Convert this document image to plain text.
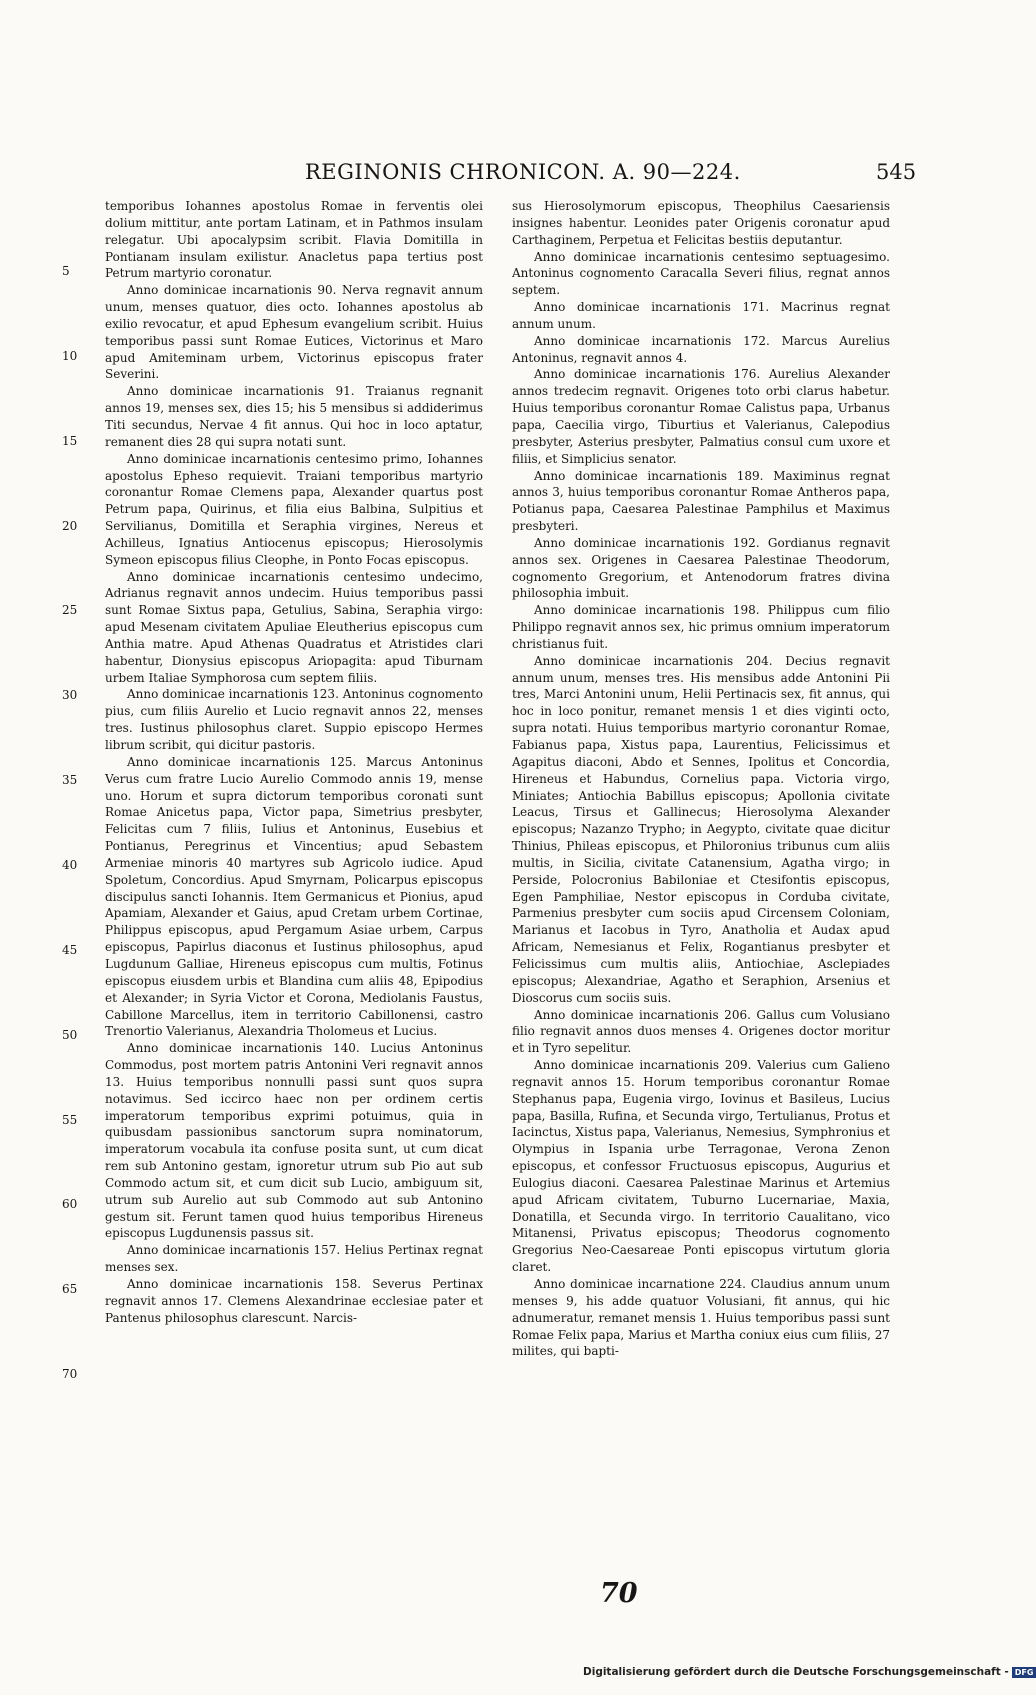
REGINONIS CHRONICON. A. 90—224.	545
5
10
15
20
25
30
35
40
45
50
55
60
65
70

temporibus Iohannes apostolus Romae in ferventis olei dolium mittitur, ante portam Latinam, et in Pathmos insulam relegatur. Ubi apocalypsim scribit. Flavia Domitilla in Pontianam insulam exilistur. Anacletus papa tertius post Petrum martyrio coronatur.

Anno dominicae incarnationis 90. Nerva regnavit annum unum, menses quatuor, dies octo. Iohannes apostolus ab exilio revocatur, et apud Ephesum evangelium scribit. Huius temporibus passi sunt Romae Eutices, Victorinus et Maro apud Amiteminam urbem, Victorinus episcopus frater Severini.

Anno dominicae incarnationis 91. Traianus regnanit annos 19, menses sex, dies 15; his 5 mensibus si addiderimus Titi secundus, Nervae 4 fit annus. Qui hoc in loco aptatur, remanent dies 28 qui supra notati sunt.

Anno dominicae incarnationis centesimo primo, Iohannes apostolus Epheso requievit. Traiani temporibus martyrio coronantur Romae Clemens papa, Alexander quartus post Petrum papa, Quirinus, et filia eius Balbina, Sulpitius et Servilianus, Domitilla et Seraphia virgines, Nereus et Achilleus, Ignatius Antiocenus episcopus; Hierosolymis Symeon episcopus filius Cleophe, in Ponto Focas episcopus.

Anno dominicae incarnationis centesimo undecimo, Adrianus regnavit annos undecim. Huius temporibus passi sunt Romae Sixtus papa, Getulius, Sabina, Seraphia virgo: apud Mesenam civitatem Apuliae Eleutherius episcopus cum Anthia matre. Apud Athenas Quadratus et Atristides clari habentur, Dionysius episcopus Ariopagita: apud Tiburnam urbem Italiae Symphorosa cum septem filiis.

Anno dominicae incarnationis 123. Antoninus cognomento pius, cum filiis Aurelio et Lucio regnavit annos 22, menses tres. Iustinus philosophus claret. Suppio episcopo Hermes librum scribit, qui dicitur pastoris.

Anno dominicae incarnationis 125. Marcus Antoninus Verus cum fratre Lucio Aurelio Commodo annis 19, mense uno. Horum et supra dictorum temporibus coronati sunt Romae Anicetus papa, Victor papa, Simetrius presbyter, Felicitas cum 7 filiis, Iulius et Antoninus, Eusebius et Pontianus, Peregrinus et Vincentius; apud Sebastem Armeniae minoris 40 martyres sub Agricolo iudice. Apud Spoletum, Concordius. Apud Smyrnam, Policarpus episcopus discipulus sancti Iohannis. Item Germanicus et Pionius, apud Apamiam, Alexander et Gaius, apud Cretam urbem Cortinae, Philippus episcopus, apud Pergamum Asiae urbem, Carpus episcopus, Papirlus diaconus et Iustinus philosophus, apud Lugdunum Galliae, Hireneus episcopus cum multis, Fotinus episcopus eiusdem urbis et Blandina cum aliis 48, Epipodius et Alexander; in Syria Victor et Corona, Mediolanis Faustus, Cabillone Marcellus, item in territorio Cabillonensi, castro Trenortio Valerianus, Alexandria Tholomeus et Lucius.

Anno dominicae incarnationis 140. Lucius Antoninus Commodus, post mortem patris Antonini Veri regnavit annos 13. Huius temporibus nonnulli passi sunt quos supra notavimus. Sed iccirco haec non per ordinem certis imperatorum temporibus exprimi potuimus, quia in quibusdam passionibus sanctorum supra nominatorum, imperatorum vocabula ita confuse posita sunt, ut cum dicat rem sub Antonino gestam, ignoretur utrum sub Pio aut sub Commodo actum sit, et cum dicit sub Lucio, ambiguum sit, utrum sub Aurelio aut sub Commodo aut sub Antonino gestum sit. Ferunt tamen quod huius temporibus Hireneus episcopus Lugdunensis passus sit.

Anno dominicae incarnationis 157. Helius Pertinax regnat menses sex.

Anno dominicae incarnationis 158. Severus Pertinax regnavit annos 17. Clemens Alexandrinae ecclesiae pater et Pantenus philosophus clarescunt. Narcis-

sus Hierosolymorum episcopus, Theophilus Caesariensis insignes habentur. Leonides pater Origenis coronatur apud Carthaginem, Perpetua et Felicitas bestiis deputantur.

Anno dominicae incarnationis centesimo septuagesimo. Antoninus cognomento Caracalla Severi filius, regnat annos septem.

Anno dominicae incarnationis 171. Macrinus regnat annum unum.

Anno dominicae incarnationis 172. Marcus Aurelius Antoninus, regnavit annos 4.

Anno dominicae incarnationis 176. Aurelius Alexander annos tredecim regnavit. Origenes toto orbi clarus habetur. Huius temporibus coronantur Romae Calistus papa, Urbanus papa, Caecilia virgo, Tiburtius et Valerianus, Calepodius presbyter, Asterius presbyter, Palmatius consul cum uxore et filiis, et Simplicius senator.

Anno dominicae incarnationis 189. Maximinus regnat annos 3, huius temporibus coronantur Romae Antheros papa, Potianus papa, Caesarea Palestinae Pamphilus et Maximus presbyteri.

Anno dominicae incarnationis 192. Gordianus regnavit annos sex. Origenes in Caesarea Palestinae Theodorum, cognomento Gregorium, et Antenodorum fratres divina philosophia imbuit.

Anno dominicae incarnationis 198. Philippus cum filio Philippo regnavit annos sex, hic primus omnium imperatorum christianus fuit.

Anno dominicae incarnationis 204. Decius regnavit annum unum, menses tres. His mensibus adde Antonini Pii tres, Marci Antonini unum, Helii Pertinacis sex, fit annus, qui hoc in loco ponitur, remanet mensis 1 et dies viginti octo, supra notati. Huius temporibus martyrio coronantur Romae, Fabianus papa, Xistus papa, Laurentius, Felicissimus et Agapitus diaconi, Abdo et Sennes, Ipolitus et Concordia, Hireneus et Habundus, Cornelius papa. Victoria virgo, Miniates; Antiochia Babillus episcopus; Apollonia civitate Leacus, Tirsus et Gallinecus; Hierosolyma Alexander episcopus; Nazanzo Trypho; in Aegypto, civitate quae dicitur Thinius, Phileas episcopus, et Philoronius tribunus cum aliis multis, in Sicilia, civitate Catanensium, Agatha virgo; in Perside, Polocronius Babiloniae et Ctesifontis episcopus, Egen Pamphiliae, Nestor episcopus in Corduba civitate, Parmenius presbyter cum sociis apud Circensem Coloniam, Marianus et Iacobus in Tyro, Anatholia et Audax apud Africam, Nemesianus et Felix, Rogantianus presbyter et Felicissimus cum multis aliis, Antiochiae, Asclepiades episcopus; Alexandriae, Agatho et Seraphion, Arsenius et Dioscorus cum sociis suis.

Anno dominicae incarnationis 206. Gallus cum Volusiano filio regnavit annos duos menses 4. Origenes doctor moritur et in Tyro sepelitur.

Anno dominicae incarnationis 209. Valerius cum Galieno regnavit annos 15. Horum temporibus coronantur Romae Stephanus papa, Eugenia virgo, Iovinus et Basileus, Lucius papa, Basilla, Rufina, et Secunda virgo, Tertulianus, Protus et Iacinctus, Xistus papa, Valerianus, Nemesius, Symphronius et Olympius in Ispania urbe Terragonae, Verona Zenon episcopus, et confessor Fructuosus episcopus, Augurius et Eulogius diaconi. Caesarea Palestinae Marinus et Artemius apud Africam civitatem, Tuburno Lucernariae, Maxia, Donatilla, et Secunda virgo. In territorio Caualitano, vico Mitanensi, Privatus episcopus; Theodorus cognomento Gregorius Neo-Caesareae Ponti episcopus virtutum gloria claret.

Anno dominicae incarnatione 224. Claudius annum unum menses 9, his adde quatuor Volusiani, fit annus, qui hic adnumeratur, remanet mensis 1. Huius temporibus passi sunt Romae Felix papa, Marius et Martha coniux eius cum filiis, 27 milites, qui bapti-

70
Digitalisierung gefördert durch die Deutsche Forschungsgemeinschaft - DFG
